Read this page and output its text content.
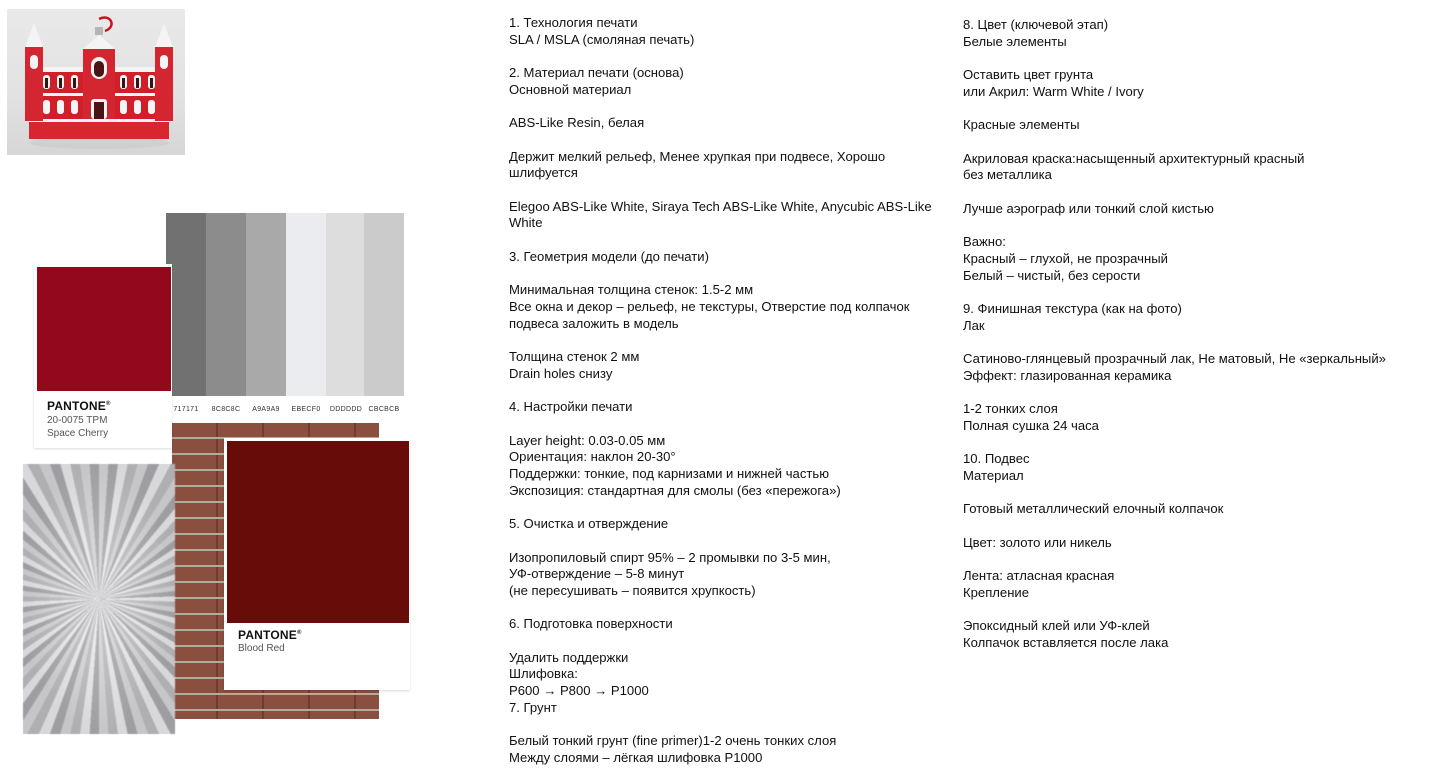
717171	8C8C8C	A9A9A9	EBECF0	DDDDDD CBCBCB
PANTONE®
20-0075 TPM
Space Cherry
PANTONE®
Blood Red
1. Технология печати
SLA / MSLA (смоляная печать)

2. Материал печати (основа)
Основной материал

ABS-Like Resin, белая

Держит мелкий рельеф, Менее хрупкая при подвесе, Хорошо шлифуется

Elegoo ABS-Like White, Siraya Tech ABS-Like White, Anycubic ABS-Like White

3. Геометрия модели (до печати)

Минимальная толщина стенок: 1.5-2 мм
Все окна и декор – рельеф, не текстуры, Отверстие под колпачок подвеса заложить в модель

Толщина стенок 2 мм
Drain holes снизу

4. Настройки печати

Layer height: 0.03-0.05 мм
Ориентация: наклон 20-30°
Поддержки: тонкие, под карнизами и нижней частью
Экспозиция: стандартная для смолы (без «пережога»)

5. Очистка и отверждение

Изопропиловый спирт 95% – 2 промывки по 3-5 мин,
УФ-отверждение – 5-8 минут
(не пересушивать – появится хрупкость)

6. Подготовка поверхности

Удалить поддержки
Шлифовка:
P600 → P800 → P1000
7. Грунт

Белый тонкий грунт (fine primer)1-2 очень тонких слоя
Между слоями – лёгкая шлифовка P1000
8. Цвет (ключевой этап)
Белые элементы

Оставить цвет грунта
или Акрил: Warm White / Ivory

Красные элементы

Акриловая краска:насыщенный архитектурный красный
без металлика

Лучше аэрограф или тонкий слой кистью

Важно:
Красный – глухой, не прозрачный
Белый – чистый, без серости

9. Финишная текстура (как на фото)
Лак

Сатиново-глянцевый прозрачный лак, Не матовый, Не «зеркальный»
Эффект: глазированная керамика

1-2 тонких слоя
Полная сушка 24 часа

10. Подвес
Материал

Готовый металлический елочный колпачок

Цвет: золото или никель

Лента: атласная красная
Крепление

Эпоксидный клей или УФ-клей
Колпачок вставляется после лака
